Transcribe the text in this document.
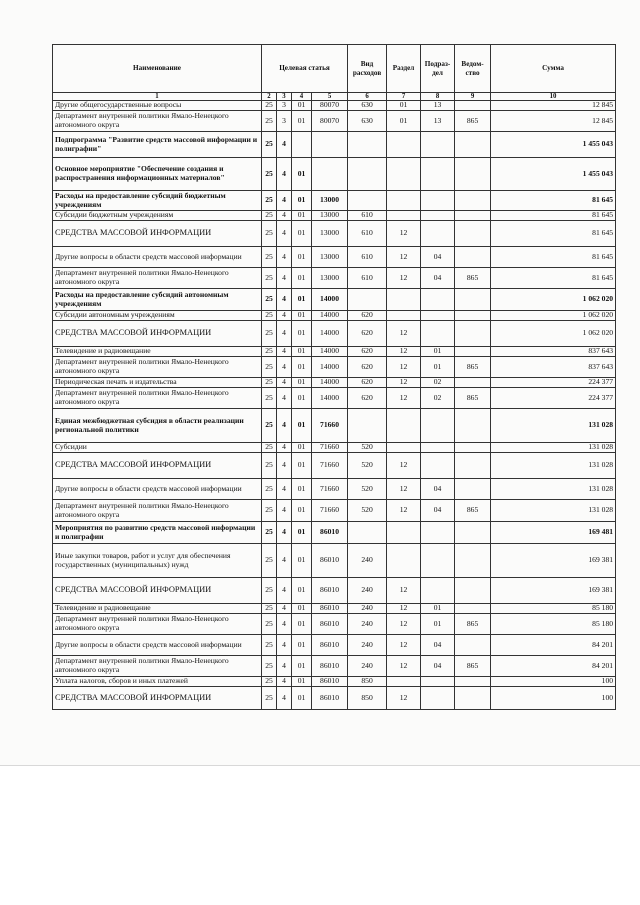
Наименование	Целевая статья				Вид расходов	Раздел	Подраз-дел	Ведом-ство	Сумма
1	2	3	4	5	6	7	8	9	10
Другие общегосударственные вопросы	25	3	01	80070	630	01	13		12 845
Департамент внутренней политики Ямало-Ненецкого автономного округа	25	3	01	80070	630	01	13	865	12 845
Подпрограмма "Развитие средств массовой информации и полиграфии"	25	4							1 455 043
Основное мероприятие "Обеспечение создания и распространения информационных материалов"	25	4	01						1 455 043
Расходы на предоставление субсидий бюджетным учреждениям	25	4	01	13000					81 645
Субсидии бюджетным учреждениям	25	4	01	13000	610				81 645
СРЕДСТВА МАССОВОЙ ИНФОРМАЦИИ	25	4	01	13000	610	12			81 645
Другие вопросы в области средств массовой информации	25	4	01	13000	610	12	04		81 645
Департамент внутренней политики Ямало-Ненецкого автономного округа	25	4	01	13000	610	12	04	865	81 645
Расходы на предоставление субсидий автономным учреждениям	25	4	01	14000					1 062 020
Субсидии автономным учреждениям	25	4	01	14000	620				1 062 020
СРЕДСТВА МАССОВОЙ ИНФОРМАЦИИ	25	4	01	14000	620	12			1 062 020
Телевидение и радиовещание	25	4	01	14000	620	12	01		837 643
Департамент внутренней политики Ямало-Ненецкого автономного округа	25	4	01	14000	620	12	01	865	837 643
Периодическая печать и издательства	25	4	01	14000	620	12	02		224 377
Департамент внутренней политики Ямало-Ненецкого автономного округа	25	4	01	14000	620	12	02	865	224 377
Единая межбюджетная субсидия в области реализации региональной политики	25	4	01	71660					131 028
Субсидии	25	4	01	71660	520				131 028
СРЕДСТВА МАССОВОЙ ИНФОРМАЦИИ	25	4	01	71660	520	12			131 028
Другие вопросы в области средств массовой информации	25	4	01	71660	520	12	04		131 028
Департамент внутренней политики Ямало-Ненецкого автономного округа	25	4	01	71660	520	12	04	865	131 028
Мероприятия по развитию средств массовой информации и полиграфии	25	4	01	86010					169 481
Иные закупки товаров, работ и услуг для обеспечения государственных (муниципальных) нужд	25	4	01	86010	240				169 381
СРЕДСТВА МАССОВОЙ ИНФОРМАЦИИ	25	4	01	86010	240	12			169 381
Телевидение и радиовещание	25	4	01	86010	240	12	01		85 180
Департамент внутренней политики Ямало-Ненецкого автономного округа	25	4	01	86010	240	12	01	865	85 180
Другие вопросы в области средств массовой информации	25	4	01	86010	240	12	04		84 201
Департамент внутренней политики Ямало-Ненецкого автономного округа	25	4	01	86010	240	12	04	865	84 201
Уплата налогов, сборов и иных платежей	25	4	01	86010	850				100
СРЕДСТВА МАССОВОЙ ИНФОРМАЦИИ	25	4	01	86010	850	12			100
